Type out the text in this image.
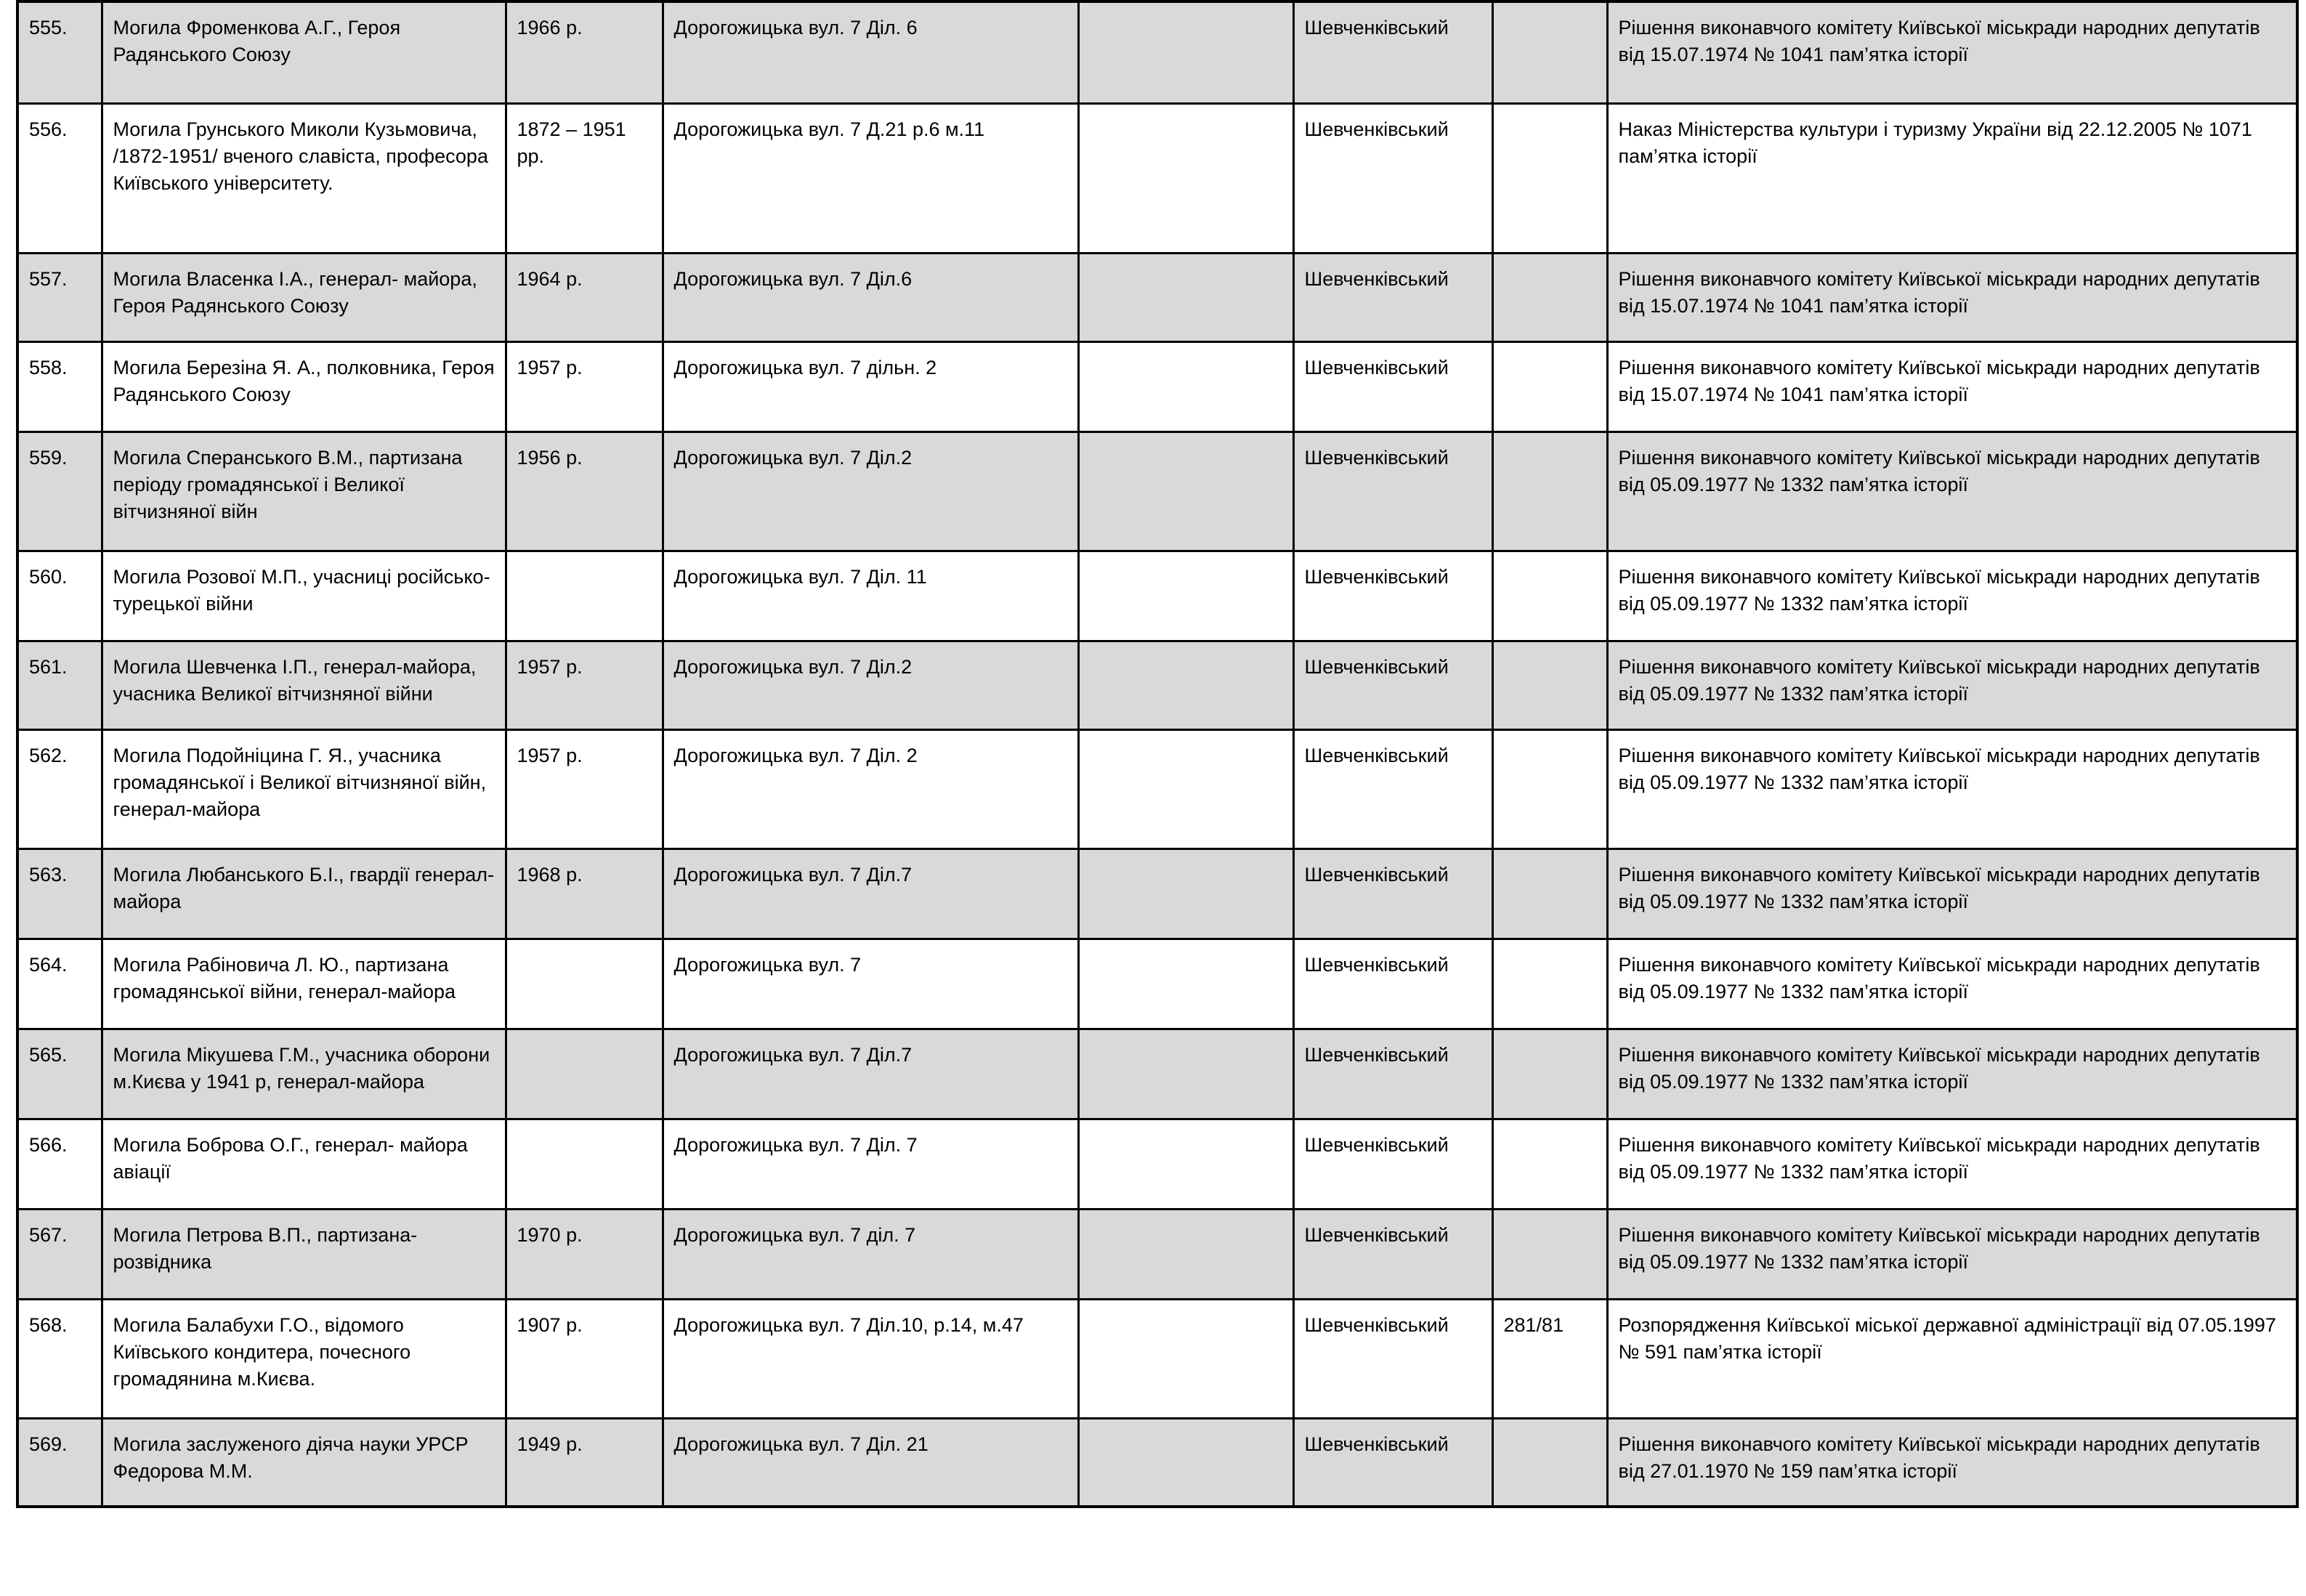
555.	Могила Фроменкова А.Г., Героя Радянського Союзу	1966 р.	Дорогожицька вул. 7 Діл. 6		Шевченківський		Рішення виконавчого комітету Київської міськради народних депутатів від 15.07.1974 № 1041 пам’ятка історії
556.	Могила Грунського Миколи Кузьмовича, /1872-1951/ вченого славіста, професора Київського університету.	1872 – 1951 рр.	Дорогожицька вул. 7 Д.21 р.6 м.11		Шевченківський		Наказ Міністерства культури і туризму України від 22.12.2005 № 1071 пам’ятка історії
557.	Могила Власенка І.А., генерал- майора, Героя Радянського Союзу	1964 р.	Дорогожицька вул. 7 Діл.6		Шевченківський		Рішення виконавчого комітету Київської міськради народних депутатів від 15.07.1974 № 1041 пам’ятка історії
558.	Могила Березіна Я. А., полковника, Героя Радянського Союзу	1957 р.	Дорогожицька вул. 7 дільн. 2		Шевченківський		Рішення виконавчого комітету Київської міськради народних депутатів від 15.07.1974 № 1041 пам’ятка історії
559.	Могила Сперанського В.М., партизана періоду громадянської і Великої вітчизняної війн	1956 р.	Дорогожицька вул. 7 Діл.2		Шевченківський		Рішення виконавчого комітету Київської міськради народних депутатів від 05.09.1977 № 1332 пам’ятка історії
560.	Могила Розової М.П., учасниці російсько-турецької війни		Дорогожицька вул. 7 Діл. 11		Шевченківський		Рішення виконавчого комітету Київської міськради народних депутатів від 05.09.1977 № 1332 пам’ятка історії
561.	Могила Шевченка І.П., генерал-майора, учасника Великої вітчизняної війни	1957 р.	Дорогожицька вул. 7 Діл.2		Шевченківський		Рішення виконавчого комітету Київської міськради народних депутатів від 05.09.1977 № 1332 пам’ятка історії
562.	Могила Подойніцина Г. Я., учасника громадянської і Великої вітчизняної війн, генерал-майора	1957 р.	Дорогожицька вул. 7 Діл. 2		Шевченківський		Рішення виконавчого комітету Київської міськради народних депутатів від 05.09.1977 № 1332 пам’ятка історії
563.	Могила Любанського Б.І., гвардії генерал-майора	1968 р.	Дорогожицька вул. 7 Діл.7		Шевченківський		Рішення виконавчого комітету Київської міськради народних депутатів від 05.09.1977 № 1332 пам’ятка історії
564.	Могила Рабіновича Л. Ю., партизана громадянської війни, генерал-майора		Дорогожицька вул. 7		Шевченківський		Рішення виконавчого комітету Київської міськради народних депутатів від 05.09.1977 № 1332 пам’ятка історії
565.	Могила Мікушева Г.М., учасника оборони м.Києва у 1941 р, генерал-майора		Дорогожицька вул. 7 Діл.7		Шевченківський		Рішення виконавчого комітету Київської міськради народних депутатів від 05.09.1977 № 1332 пам’ятка історії
566.	Могила Боброва О.Г., генерал- майора авіації		Дорогожицька вул. 7 Діл. 7		Шевченківський		Рішення виконавчого комітету Київської міськради народних депутатів від 05.09.1977 № 1332 пам’ятка історії
567.	Могила Петрова В.П., партизана-розвідника	1970 р.	Дорогожицька вул. 7 діл. 7		Шевченківський		Рішення виконавчого комітету Київської міськради народних депутатів від 05.09.1977 № 1332 пам’ятка історії
568.	Могила Балабухи Г.О., відомого Київського кондитера, почесного громадянина м.Києва.	1907 р.	Дорогожицька вул. 7 Діл.10, р.14, м.47		Шевченківський	281/81	Розпорядження Київської міської державної адміністрації від 07.05.1997 № 591 пам’ятка історії
569.	Могила заслуженого діяча науки УРСР Федорова М.М.	1949 р.	Дорогожицька вул. 7 Діл. 21		Шевченківський		Рішення виконавчого комітету Київської міськради народних депутатів від 27.01.1970 № 159 пам’ятка історії
